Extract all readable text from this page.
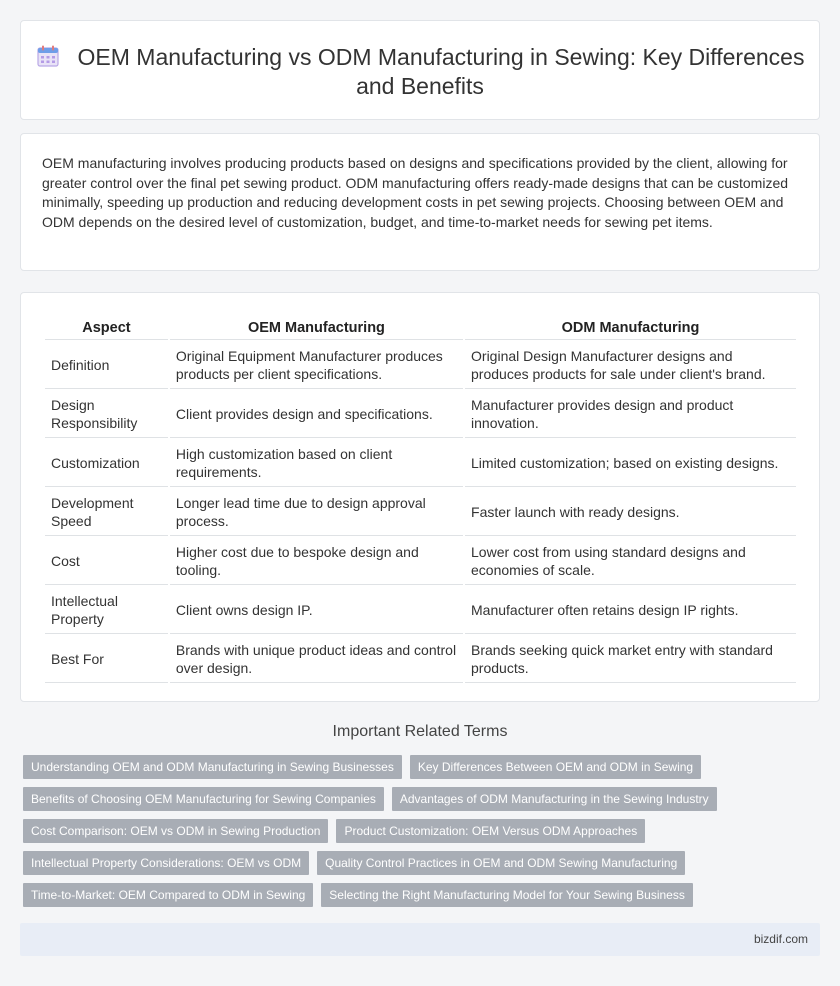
OEM Manufacturing vs ODM Manufacturing in Sewing: Key Differences and Benefits

OEM manufacturing involves producing products based on designs and specifications provided by the client, allowing for greater control over the final pet sewing product. ODM manufacturing offers ready-made designs that can be customized minimally, speeding up production and reducing development costs in pet sewing projects. Choosing between OEM and ODM depends on the desired level of customization, budget, and time-to-market needs for sewing pet items.

Aspect	OEM Manufacturing	ODM Manufacturing
Definition	Original Equipment Manufacturer produces products per client specifications.	Original Design Manufacturer designs and produces products for sale under client's brand.
Design Responsibility	Client provides design and specifications.	Manufacturer provides design and product innovation.
Customization	High customization based on client requirements.	Limited customization; based on existing designs.
Development Speed	Longer lead time due to design approval process.	Faster launch with ready designs.
Cost	Higher cost due to bespoke design and tooling.	Lower cost from using standard designs and economies of scale.
Intellectual Property	Client owns design IP.	Manufacturer often retains design IP rights.
Best For	Brands with unique product ideas and control over design.	Brands seeking quick market entry with standard products.
Important Related Terms
Understanding OEM and ODM Manufacturing in Sewing Businesses	Key Differences Between OEM and ODM in Sewing
Benefits of Choosing OEM Manufacturing for Sewing Companies	Advantages of ODM Manufacturing in the Sewing Industry
Cost Comparison: OEM vs ODM in Sewing Production	Product Customization: OEM Versus ODM Approaches
Intellectual Property Considerations: OEM vs ODM	Quality Control Practices in OEM and ODM Sewing Manufacturing
Time-to-Market: OEM Compared to ODM in Sewing	Selecting the Right Manufacturing Model for Your Sewing Business
bizdif.com
